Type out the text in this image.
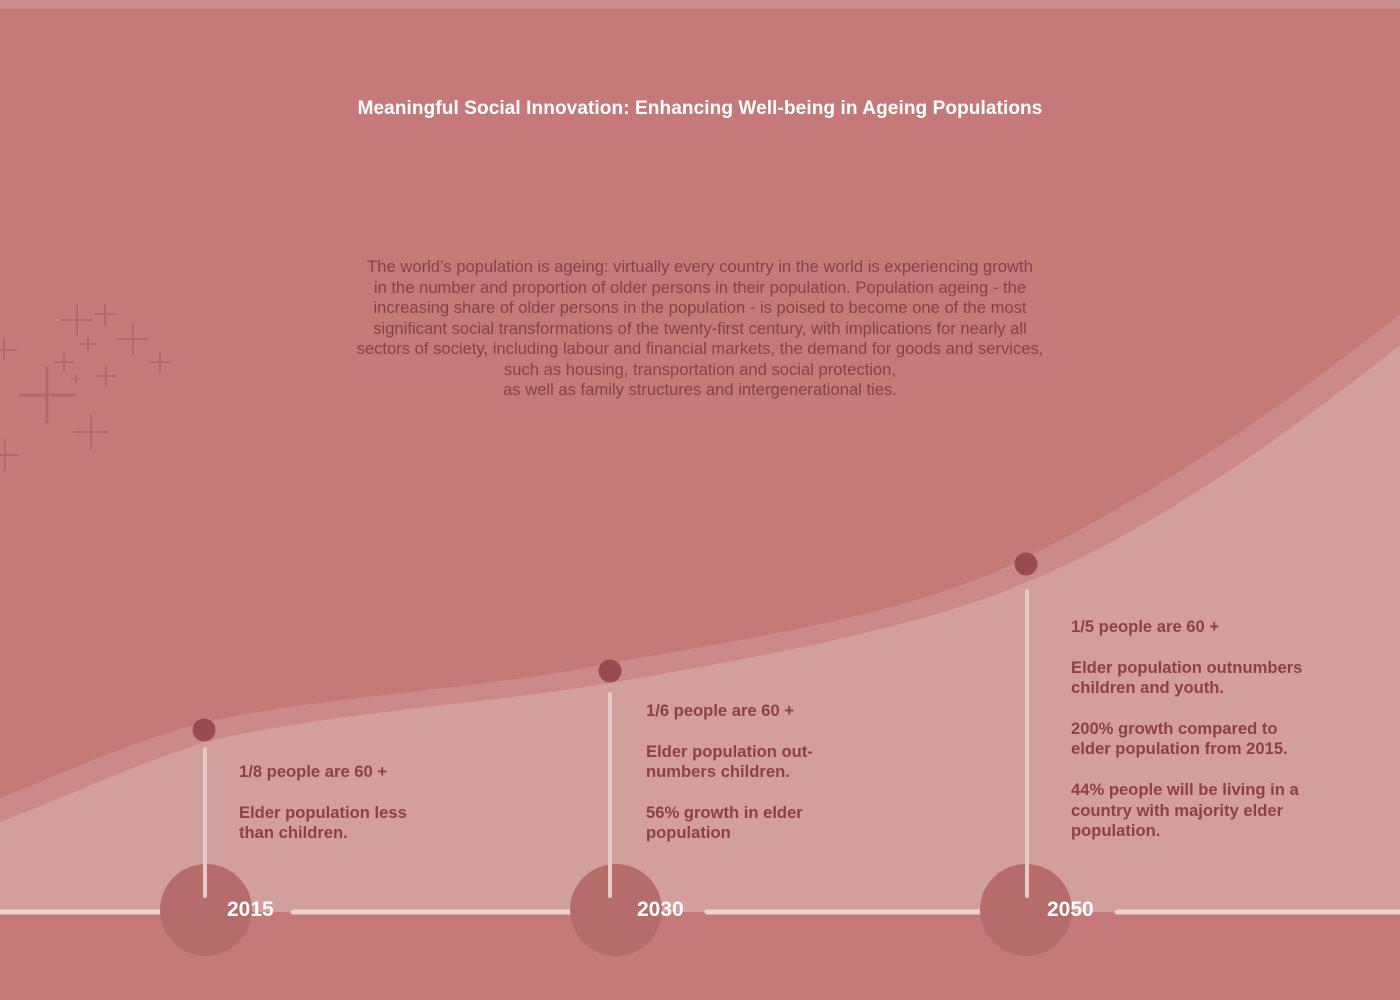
Meaningful Social Innovation: Enhancing Well-being in Ageing Populations
The world’s population is ageing: virtually every country in the world is experiencing growth
in the number and proportion of older persons in their population. Population ageing - the
increasing share of older persons in the population - is poised to become one of the most
significant social transformations of the twenty-first century, with implications for nearly all
sectors of society, including labour and financial markets, the demand for goods and services,
such as housing, transportation and social protection,
as well as family structures and intergenerational ties.

1/8 people are 60 +

Elder population less
than children.

1/6 people are 60 +

Elder population out-
numbers children.

56% growth in elder
population

1/5 people are 60 +

Elder population outnumbers
children and youth.

200% growth compared to
elder population from 2015.

44% people will be living in a
country with majority elder
population.

2015	2030	2050
